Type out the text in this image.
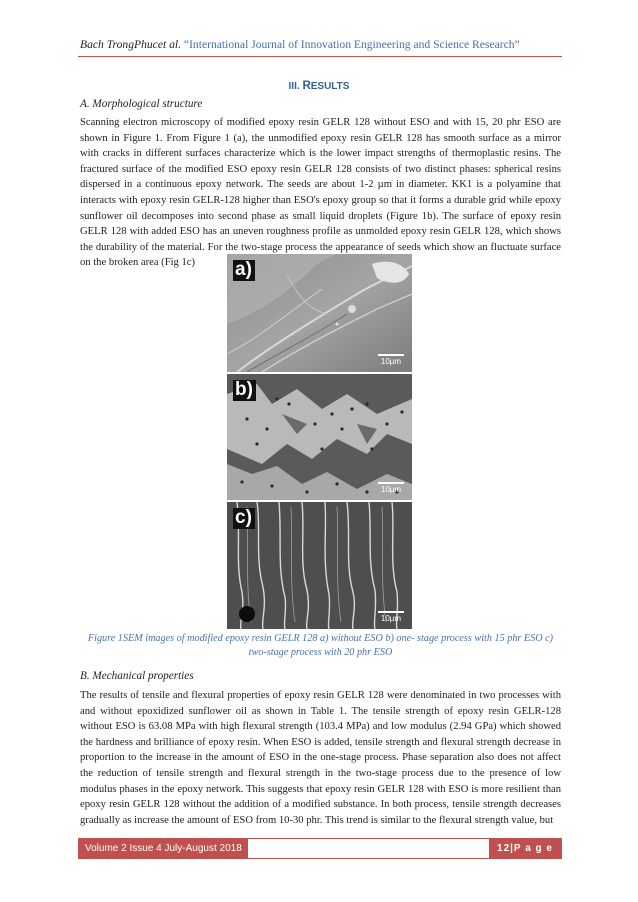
Bach TrongPhucet al. “International Journal of Innovation Engineering and Science Research”
III. RESULTS
A. Morphological structure
Scanning electron microscopy of modified epoxy resin GELR 128 without ESO and with 15, 20 phr ESO are shown in Figure 1. From Figure 1 (a), the unmodified epoxy resin GELR 128 has smooth surface as a mirror with cracks in different surfaces characterize which is the lower impact strengths of thermoplastic resins. The fractured surface of the modified ESO epoxy resin GELR 128 consists of two distinct phases: spherical resins dispersed in a continuous epoxy network. The seeds are about 1-2 µm in diameter. KK1 is a polyamine that interacts with epoxy resin GELR-128 higher than ESO's epoxy group so that it forms a durable grid while epoxy sunflower oil decomposes into second phase as small liquid droplets (Figure 1b). The surface of epoxy resin GELR 128 with added ESO has an uneven roughness profile as unmolded epoxy resin GELR 128, which shows the durability of the material. For the two-stage process the appearance of seeds which show an fluctuate surface on the broken area (Fig 1c)	a)
10µm
b)
10µm
c)
10µm
Figure 1SEM images of modified epoxy resin GELR 128 a) without ESO b) one- stage process with 15 phr ESO c) two-stage process with 20 phr ESO
B. Mechanical properties
The results of tensile and flexural properties of epoxy resin GELR 128 were denominated in two processes with and without epoxidized sunflower oil as shown in Table 1. The tensile strength of epoxy resin GELR-128 without ESO is 63.08 MPa with high flexural strength (103.4 MPa) and low modulus (2.94 GPa) which showed the hardness and brilliance of epoxy resin. When ESO is added, tensile strength and flexural strength decrease in proportion to the increase in the amount of ESO in the one-stage process. Phase separation also does not affect the reduction of tensile strength and flexural strength in the two-stage process due to the presence of low modulus phases in the epoxy network. This suggests that epoxy resin GELR 128 with ESO is more resilient than epoxy resin GELR 128 without the addition of a modified substance. In both process, tensile strength decreases gradually as increase the amount of ESO from 10-30 phr. This trend is similar to the flexural strength value, but
Volume 2 Issue 4 July-August 2018	12|P a g e
